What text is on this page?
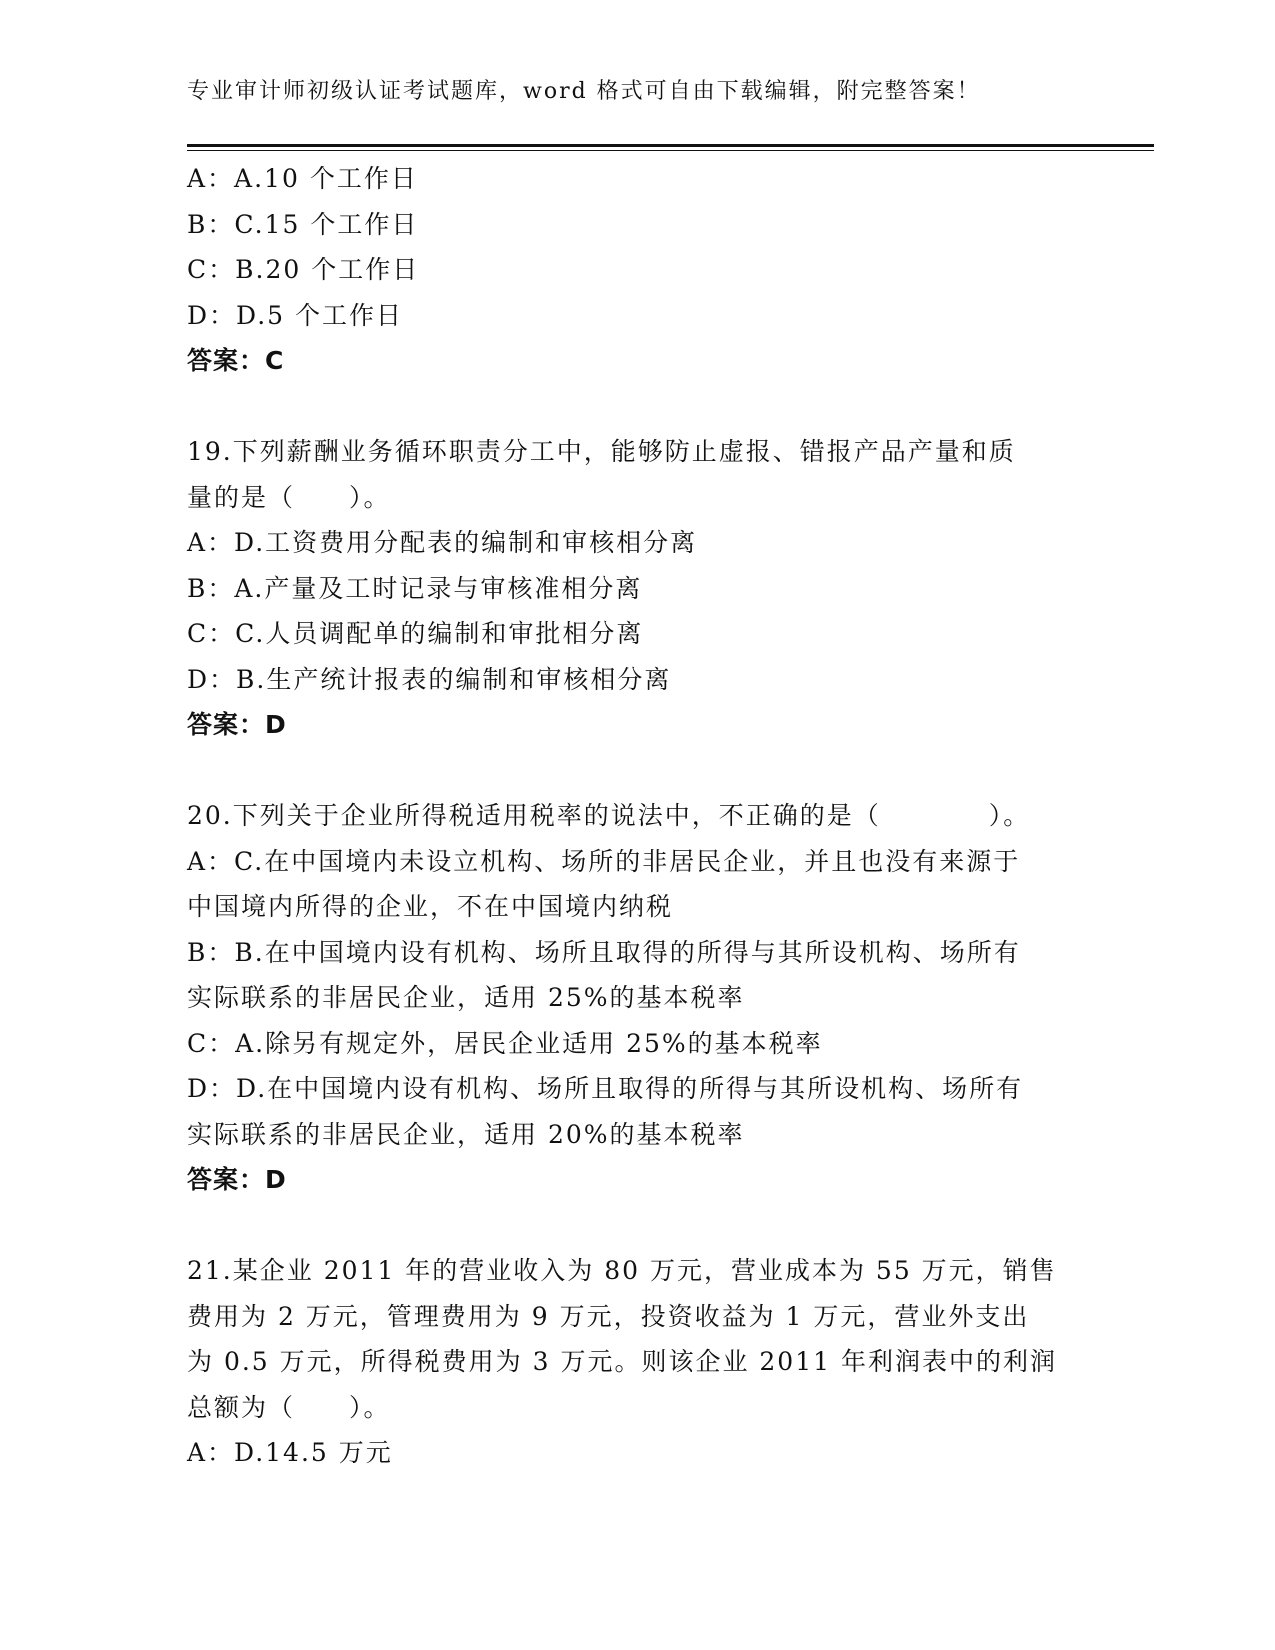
专业审计师初级认证考试题库，word 格式可自由下载编辑，附完整答案！
A：A.10 个工作日
B：C.15 个工作日
C：B.20 个工作日
D：D.5 个工作日
答案：C
19.下列薪酬业务循环职责分工中，能够防止虚报、错报产品产量和质
量的是（　　）。
A：D.工资费用分配表的编制和审核相分离
B：A.产量及工时记录与审核准相分离
C：C.人员调配单的编制和审批相分离
D：B.生产统计报表的编制和审核相分离
答案：D
20.下列关于企业所得税适用税率的说法中，不正确的是（　　　　）。
A：C.在中国境内未设立机构、场所的非居民企业，并且也没有来源于
中国境内所得的企业，不在中国境内纳税
B：B.在中国境内设有机构、场所且取得的所得与其所设机构、场所有
实际联系的非居民企业，适用 25%的基本税率
C：A.除另有规定外，居民企业适用 25%的基本税率
D：D.在中国境内设有机构、场所且取得的所得与其所设机构、场所有
实际联系的非居民企业，适用 20%的基本税率
答案：D
21.某企业 2011 年的营业收入为 80 万元，营业成本为 55 万元，销售
费用为 2 万元，管理费用为 9 万元，投资收益为 1 万元，营业外支出
为 0.5 万元，所得税费用为 3 万元。则该企业 2011 年利润表中的利润
总额为（　　）。
A：D.14.5 万元
